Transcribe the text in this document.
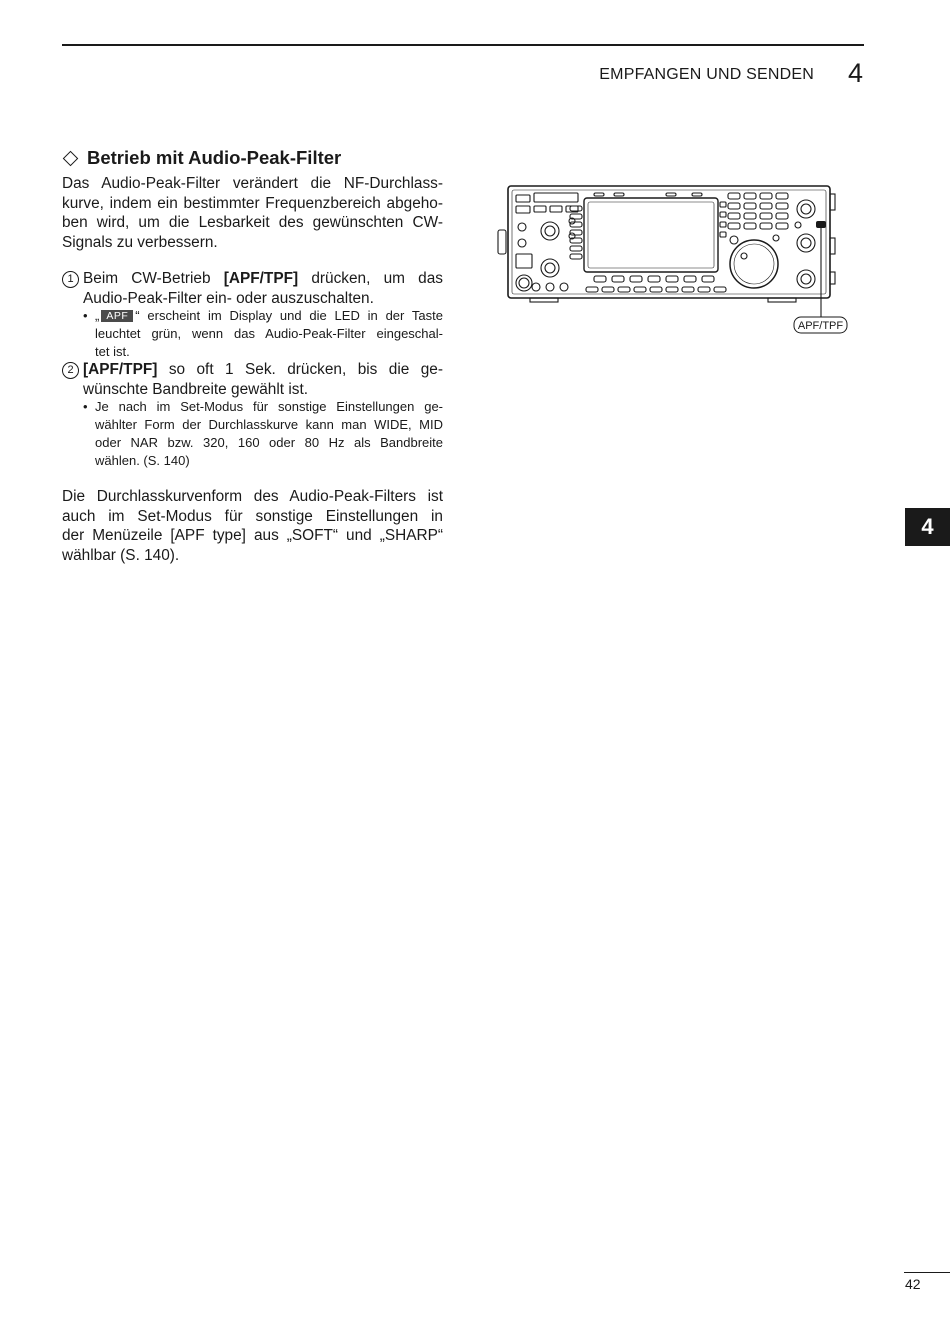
EMPFANGEN UND SENDEN 4
Betrieb mit Audio-Peak-Filter

Das Audio-Peak-Filter verändert die NF-Durchlass-
kurve, indem ein bestimmter Frequenzbereich abgeho-
ben wird, um die Lesbarkeit des gewünschten CW-
Signals zu verbessern.

1 Beim CW-Betrieb [APF/TPF] drücken, um das
Audio-Peak-Filter ein- oder auszuschalten.
• „ APF “ erscheint im Display und die LED in der Taste
leuchtet grün, wenn das Audio-Peak-Filter eingeschal-
tet ist.
2 [APF/TPF] so oft 1 Sek. drücken, bis die ge-
wünschte Bandbreite gewählt ist.
• Je nach im Set-Modus für sonstige Einstellungen ge-
wählter Form der Durchlasskurve kann man WIDE, MID
oder NAR bzw. 320, 160 oder 80 Hz als Bandbreite
wählen. (S. 140)

Die Durchlasskurvenform des Audio-Peak-Filters ist
auch im Set-Modus für sonstige Einstellungen in
der Menüzeile [APF type] aus „SOFT“ und „SHARP“
wählbar (S. 140).

APF/TPF
4
42
